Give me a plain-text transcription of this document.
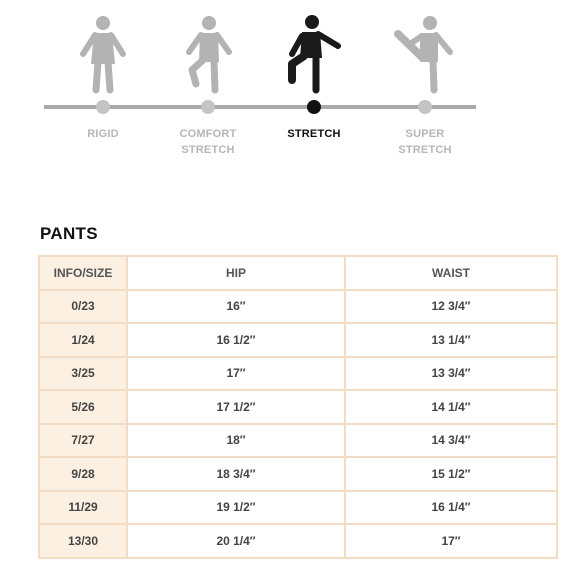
RIGID	COMFORT
STRETCH
STRETCH	SUPER
STRETCH
PANTS
INFO/SIZE	HIP	WAIST
0/23	16″	12 3/4″
1/24	16 1/2″	13 1/4″
3/25	17″	13 3/4″
5/26	17 1/2″	14 1/4″
7/27	18″	14 3/4″
9/28	18 3/4″	15 1/2″
11/29	19 1/2″	16 1/4″
13/30	20 1/4″	17″
